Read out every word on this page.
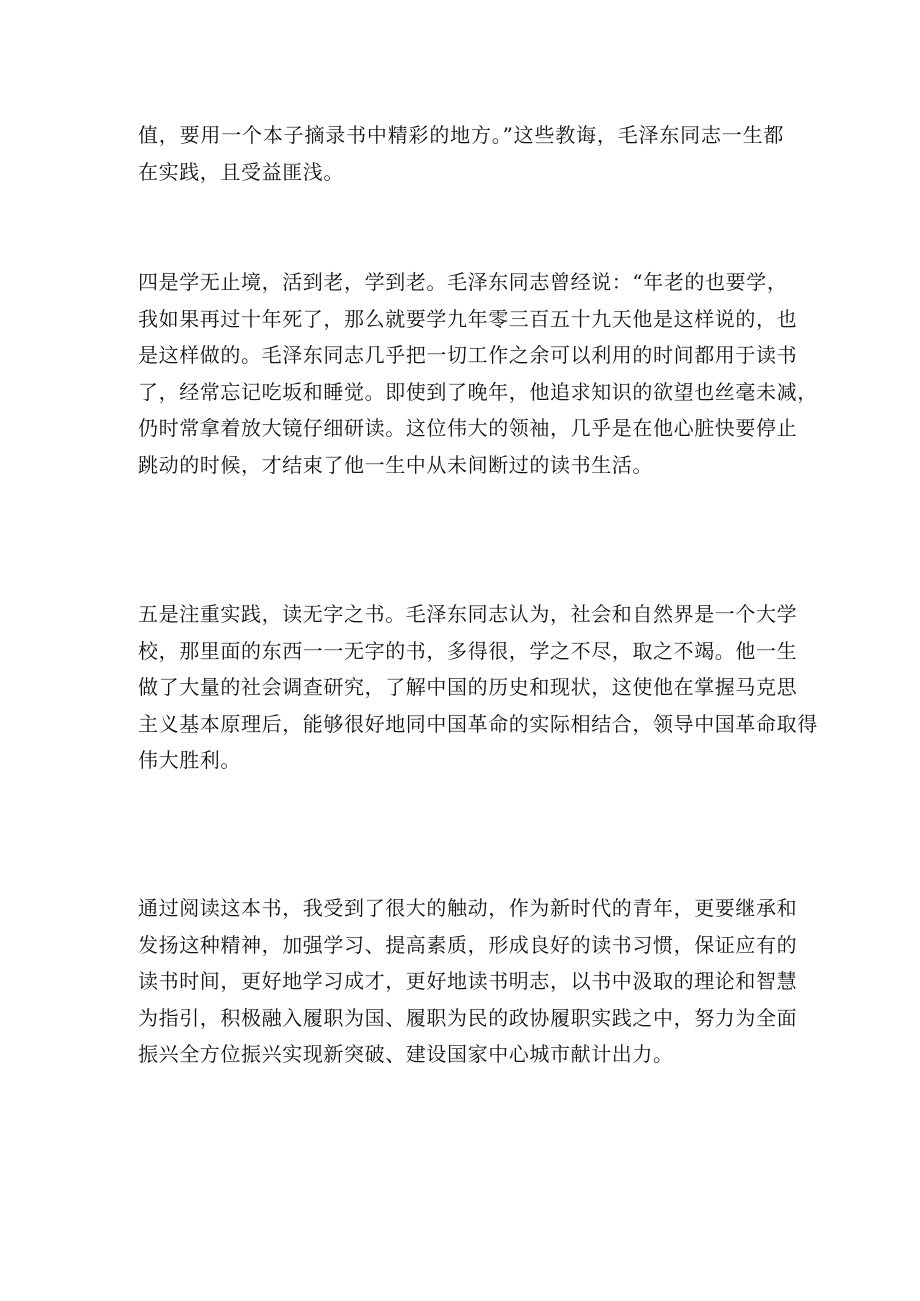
值，要用一个本子摘录书中精彩的地方。”这些教诲，毛泽东同志一生都
在实践，且受益匪浅。
四是学无止境，活到老，学到老。毛泽东同志曾经说：“年老的也要学，
我如果再过十年死了，那么就要学九年零三百五十九天他是这样说的，也
是这样做的。毛泽东同志几乎把一切工作之余可以利用的时间都用于读书
了，经常忘记吃坂和睡觉。即使到了晚年，他追求知识的欲望也丝毫未减，
仍时常拿着放大镜仔细研读。这位伟大的领袖，几乎是在他心脏快要停止
跳动的时候，才结束了他一生中从未间断过的读书生活。
五是注重实践，读无字之书。毛泽东同志认为，社会和自然界是一个大学
校，那里面的东西一一无字的书，多得很，学之不尽，取之不竭。他一生
做了大量的社会调查研究，了解中国的历史和现状，这使他在掌握马克思
主义基本原理后，能够很好地同中国革命的实际相结合，领导中国革命取得
伟大胜利。
通过阅读这本书，我受到了很大的触动，作为新时代的青年，更要继承和
发扬这种精神，加强学习、提高素质，形成良好的读书习惯，保证应有的
读书时间，更好地学习成才，更好地读书明志，以书中汲取的理论和智慧
为指引，积极融入履职为国、履职为民的政协履职实践之中，努力为全面
振兴全方位振兴实现新突破、建设国家中心城市献计出力。
